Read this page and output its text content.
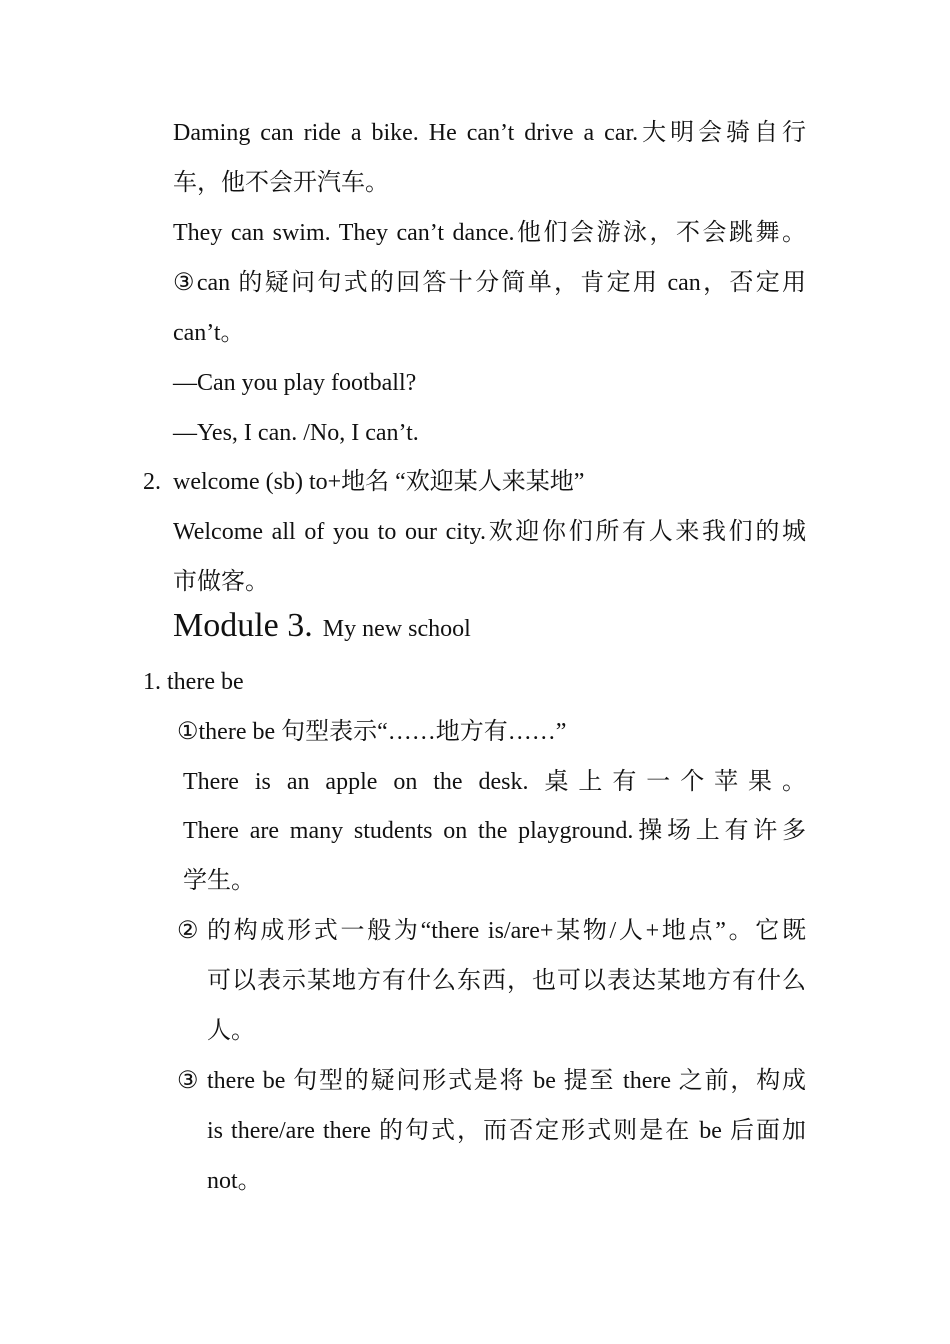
Daming can ride a bike. He can’t drive a car.大明会骑自行
车，他不会开汽车。
They can swim. They can’t dance.他们会游泳，不会跳舞。
③can 的疑问句式的回答十分简单，肯定用 can，否定用
can’t。
—Can you play football?
—Yes, I can. /No, I can’t.
2. welcome (sb) to+地名 “欢迎某人来某地”
Welcome all of you to our city.欢迎你们所有人来我们的城
市做客。
Module 3. My new school
1. there be
①there be 句型表示“……地方有……”
There is an apple on the desk. 桌上有一个苹果。
There are many students on the playground.操场上有许多
学生。
② 的构成形式一般为“there is/are+某物/人+地点”。它既
可以表示某地方有什么东西，也可以表达某地方有什么
人。
③ there be 句型的疑问形式是将 be 提至 there 之前，构成
is there/are there 的句式，而否定形式则是在 be 后面加
not。
